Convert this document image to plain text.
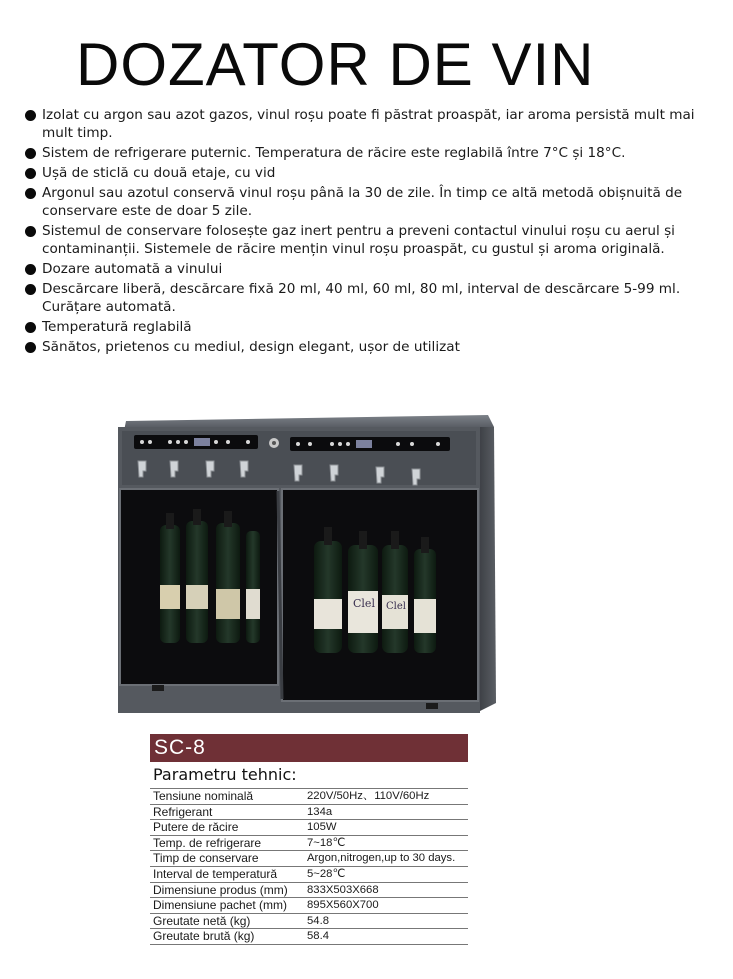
DOZATOR DE VIN
Izolat cu argon sau azot gazos, vinul roșu poate fi păstrat proaspăt, iar aroma persistă mult mai mult timp.
Sistem de refrigerare puternic. Temperatura de răcire este reglabilă între 7°C și 18°C.
Ușă de sticlă cu două etaje, cu vid
Argonul sau azotul conservă vinul roșu până la 30 de zile. În timp ce altă metodă obișnuită de conservare este de doar 5 zile.
Sistemul de conservare folosește gaz inert pentru a preveni contactul vinului roșu cu aerul și contaminanții. Sistemele de răcire mențin vinul roșu proaspăt, cu gustul și aroma originală.
Dozare automată a vinului
Descărcare liberă, descărcare fixă 20 ml, 40 ml, 60 ml, 80 ml, interval de descărcare 5-99 ml. Curățare automată.
Temperatură reglabilă
Sănătos, prietenos cu mediul, design elegant, ușor de utilizat
Clel Clel
SC-8
Parametru tehnic:
Tensiune nominală	220V/50Hz、110V/60Hz
Refrigerant	134a
Putere de răcire	105W
Temp. de refrigerare	7~18℃
Timp de conservare	Argon,nitrogen,up to 30 days.
Interval de temperatură	5~28℃
Dimensiune produs (mm)	833X503X668
Dimensiune pachet (mm)	895X560X700
Greutate netă (kg)	54.8
Greutate brută (kg)	58.4
